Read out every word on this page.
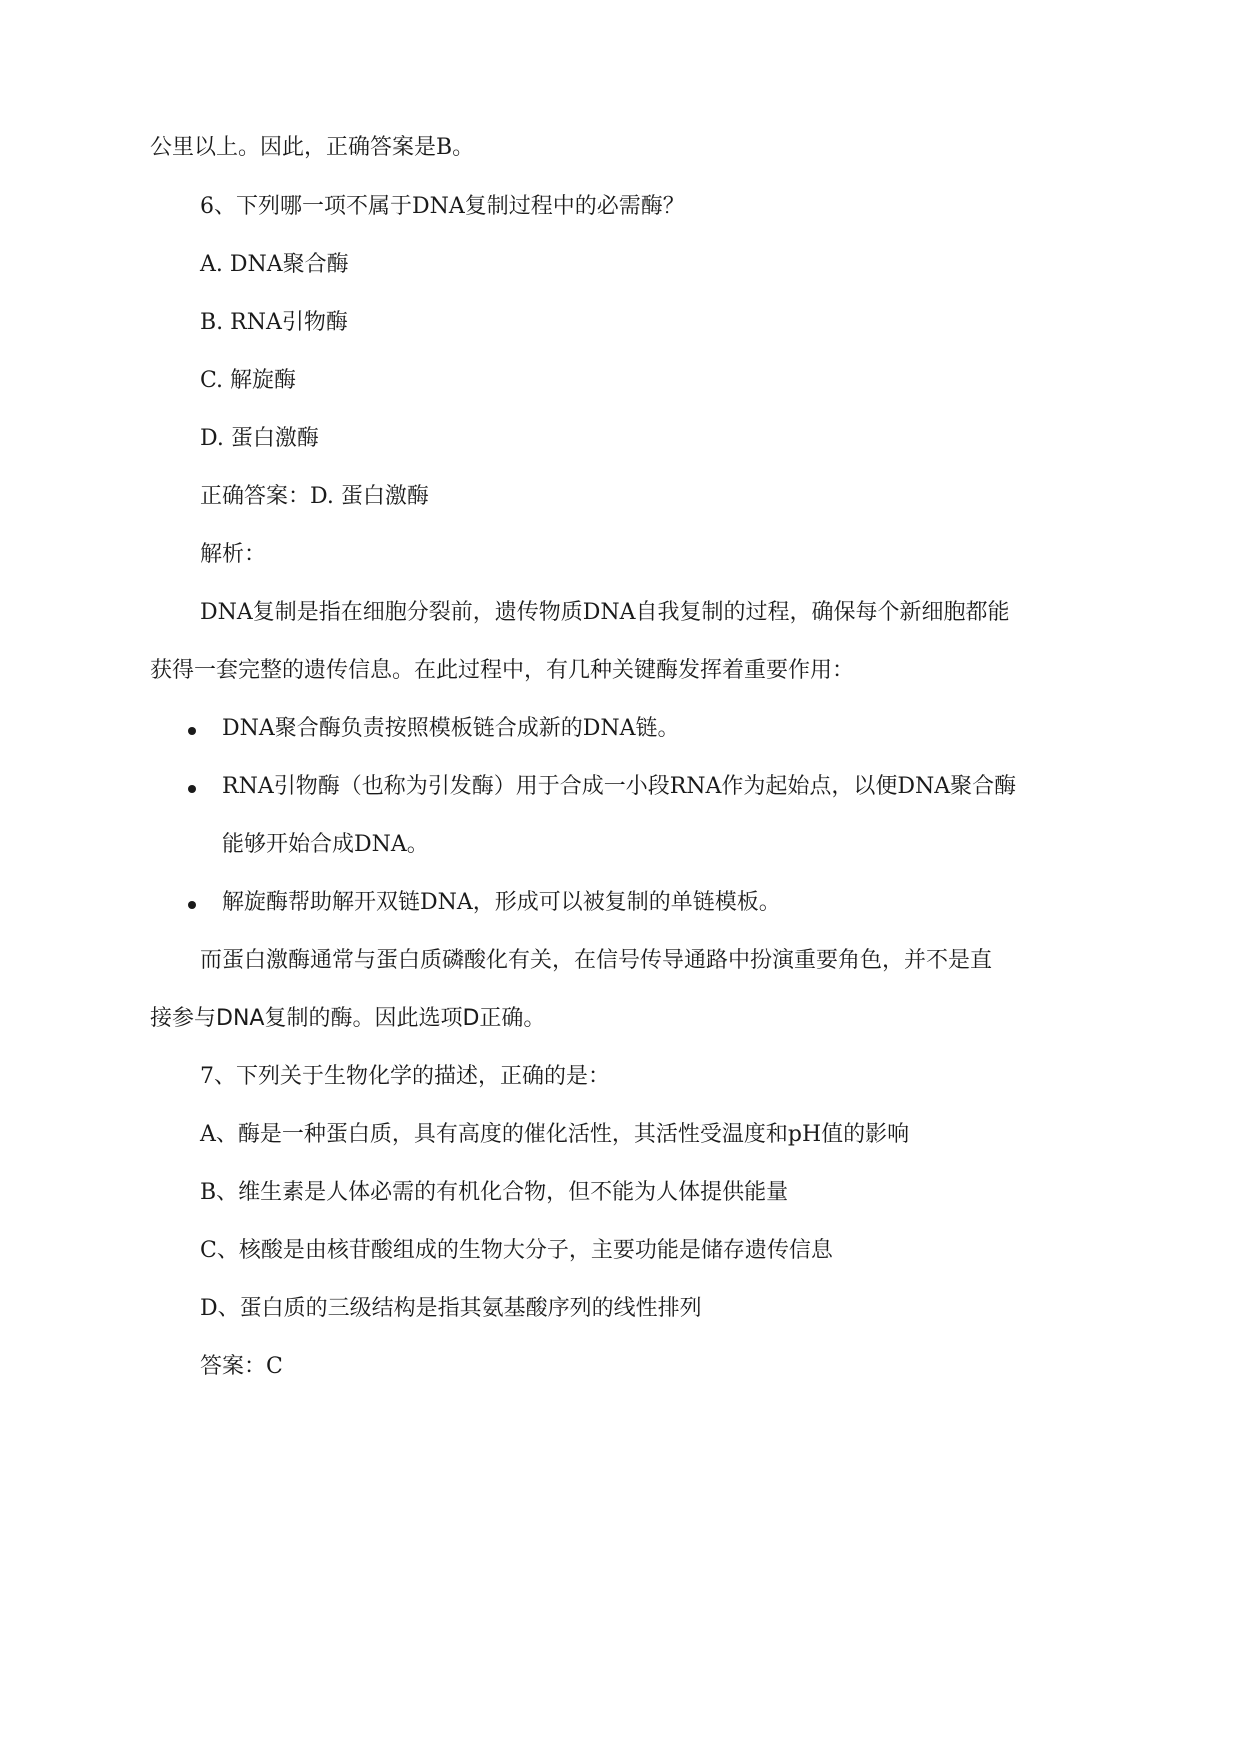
公里以上。因此，正确答案是B。
6、下列哪一项不属于DNA复制过程中的必需酶？
A. DNA聚合酶
B. RNA引物酶
C. 解旋酶
D. 蛋白激酶
正确答案：D. 蛋白激酶
解析：
DNA复制是指在细胞分裂前，遗传物质DNA自我复制的过程，确保每个新细胞都能
获得一套完整的遗传信息。在此过程中，有几种关键酶发挥着重要作用：
DNA聚合酶负责按照模板链合成新的DNA链。
RNA引物酶（也称为引发酶）用于合成一小段RNA作为起始点，以便DNA聚合酶
能够开始合成DNA。
解旋酶帮助解开双链DNA，形成可以被复制的单链模板。
而蛋白激酶通常与蛋白质磷酸化有关，在信号传导通路中扮演重要角色，并不是直
接参与DNA复制的酶。因此选项D正确。
7、下列关于生物化学的描述，正确的是：
A、酶是一种蛋白质，具有高度的催化活性，其活性受温度和pH值的影响
B、维生素是人体必需的有机化合物，但不能为人体提供能量
C、核酸是由核苷酸组成的生物大分子，主要功能是储存遗传信息
D、蛋白质的三级结构是指其氨基酸序列的线性排列
答案：C
